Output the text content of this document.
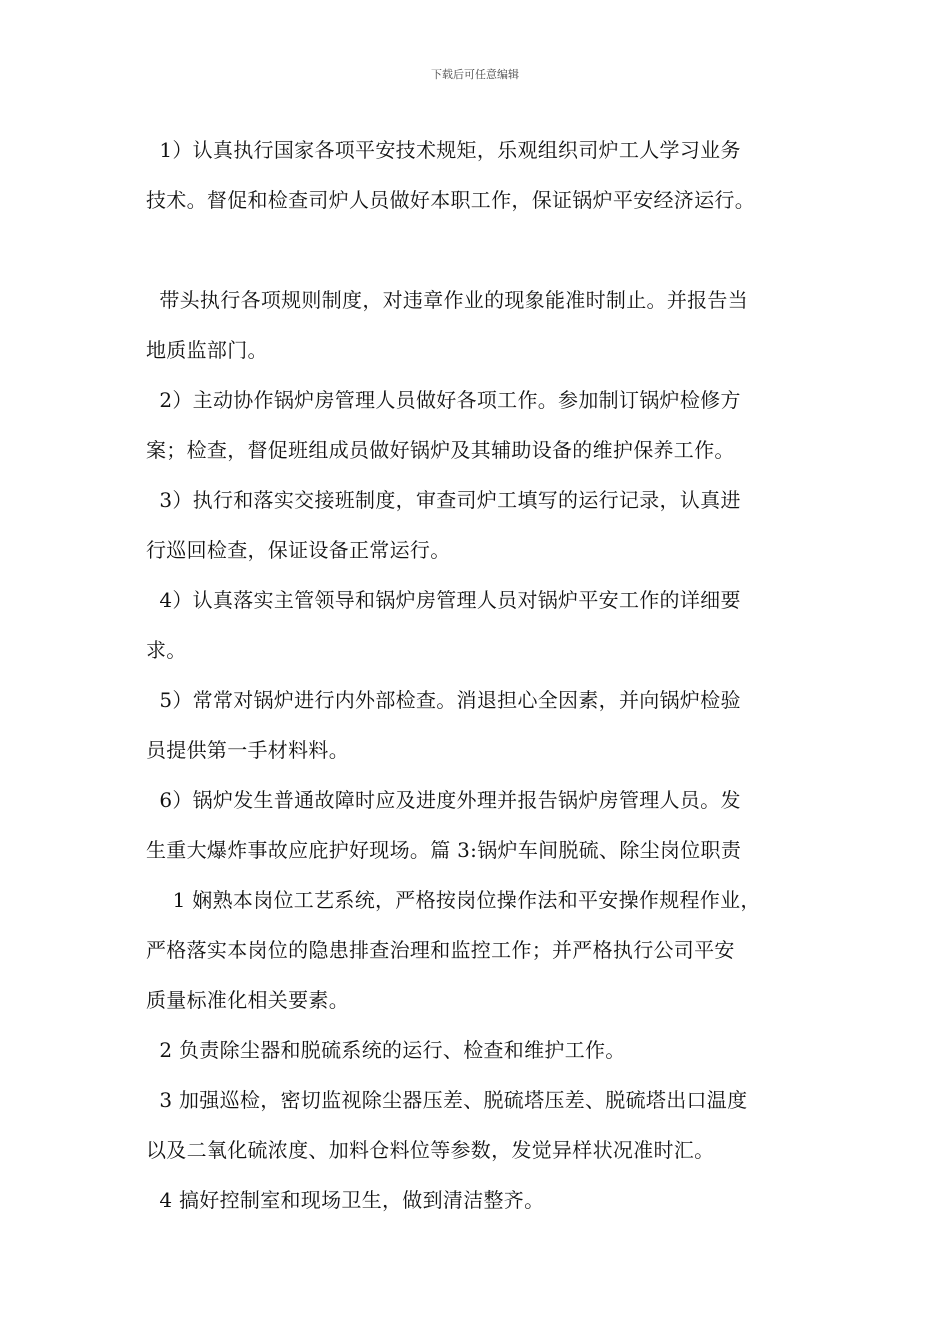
下载后可任意编辑
1）认真执行国家各项平安技术规矩，乐观组织司炉工人学习业务
技术。督促和检查司炉人员做好本职工作，保证锅炉平安经济运行。
带头执行各项规则制度，对违章作业的现象能准时制止。并报告当
地质监部门。
2）主动协作锅炉房管理人员做好各项工作。参加制订锅炉检修方
案；检查，督促班组成员做好锅炉及其辅助设备的维护保养工作。
3）执行和落实交接班制度，审查司炉工填写的运行记录，认真进
行巡回检查，保证设备正常运行。
4）认真落实主管领导和锅炉房管理人员对锅炉平安工作的详细要
求。
5）常常对锅炉进行内外部检查。消退担心全因素，并向锅炉检验
员提供第一手材料料。
6）锅炉发生普通故障时应及进度外理并报告锅炉房管理人员。发
生重大爆炸事故应庇护好现场。篇 3:锅炉车间脱硫、除尘岗位职责
1 娴熟本岗位工艺系统，严格按岗位操作法和平安操作规程作业，
严格落实本岗位的隐患排查治理和监控工作；并严格执行公司平安
质量标准化相关要素。
2 负责除尘器和脱硫系统的运行、检查和维护工作。
3 加强巡检，密切监视除尘器压差、脱硫塔压差、脱硫塔出口温度
以及二氧化硫浓度、加料仓料位等参数，发觉异样状况准时汇。
4 搞好控制室和现场卫生，做到清洁整齐。
